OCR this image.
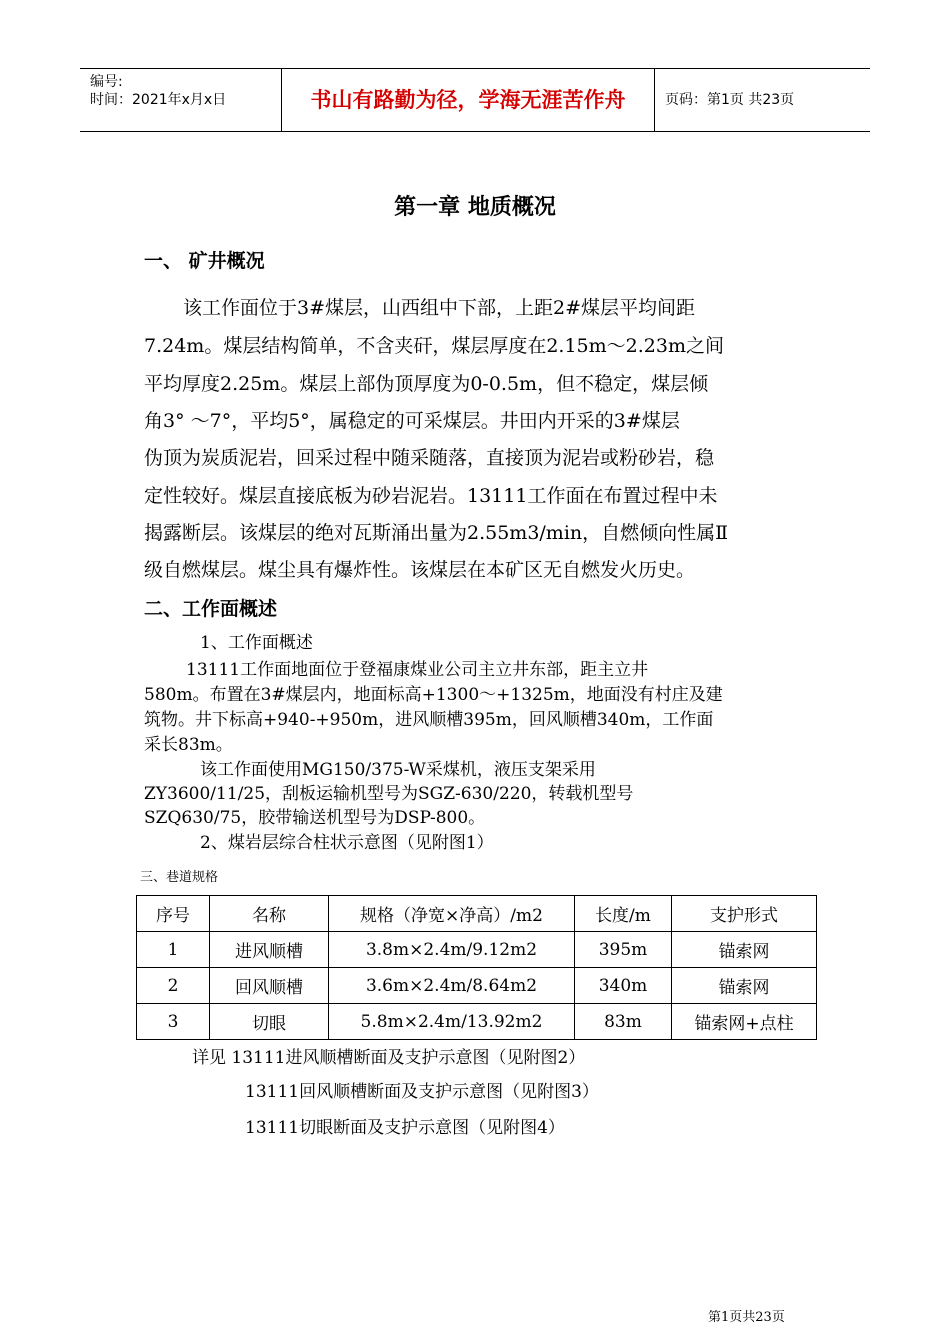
编号:
时间：2021年x月x日	书山有路勤为径，学海无涯苦作舟	页码：第1页 共23页
第一章 地质概况
一、 矿井概况
该工作面位于3#煤层，山西组中下部，上距2#煤层平均间距
7.24m。煤层结构简单，不含夹矸，煤层厚度在2.15m～2.23m之间
平均厚度2.25m。煤层上部伪顶厚度为0-0.5m，但不稳定，煤层倾
角3° ～7°，平均5°，属稳定的可采煤层。井田内开采的3#煤层
伪顶为炭质泥岩，回采过程中随采随落，直接顶为泥岩或粉砂岩，稳
定性较好。煤层直接底板为砂岩泥岩。13111工作面在布置过程中未
揭露断层。该煤层的绝对瓦斯涌出量为2.55m3/min，自燃倾向性属Ⅱ
级自燃煤层。煤尘具有爆炸性。该煤层在本矿区无自燃发火历史。
二、工作面概述
1、工作面概述
13111工作面地面位于登福康煤业公司主立井东部，距主立井
580m。布置在3#煤层内，地面标高+1300～+1325m，地面没有村庄及建
筑物。井下标高+940-+950m，进风顺槽395m，回风顺槽340m，工作面
采长83m。
该工作面使用MG150/375-W采煤机，液压支架采用
ZY3600/11/25，刮板运输机型号为SGZ-630/220，转载机型号
SZQ630/75，胶带输送机型号为DSP-800。
2、煤岩层综合柱状示意图（见附图1）
三、巷道规格
序号	名称	规格（净宽×净高）/m2	长度/m	支护形式
1	进风顺槽	3.8m×2.4m/9.12m2	395m	锚索网
2	回风顺槽	3.6m×2.4m/8.64m2	340m	锚索网
3	切眼	5.8m×2.4m/13.92m2	83m	锚索网+点柱
详见 13111进风顺槽断面及支护示意图（见附图2）
13111回风顺槽断面及支护示意图（见附图3）
13111切眼断面及支护示意图（见附图4）
第1页共23页
